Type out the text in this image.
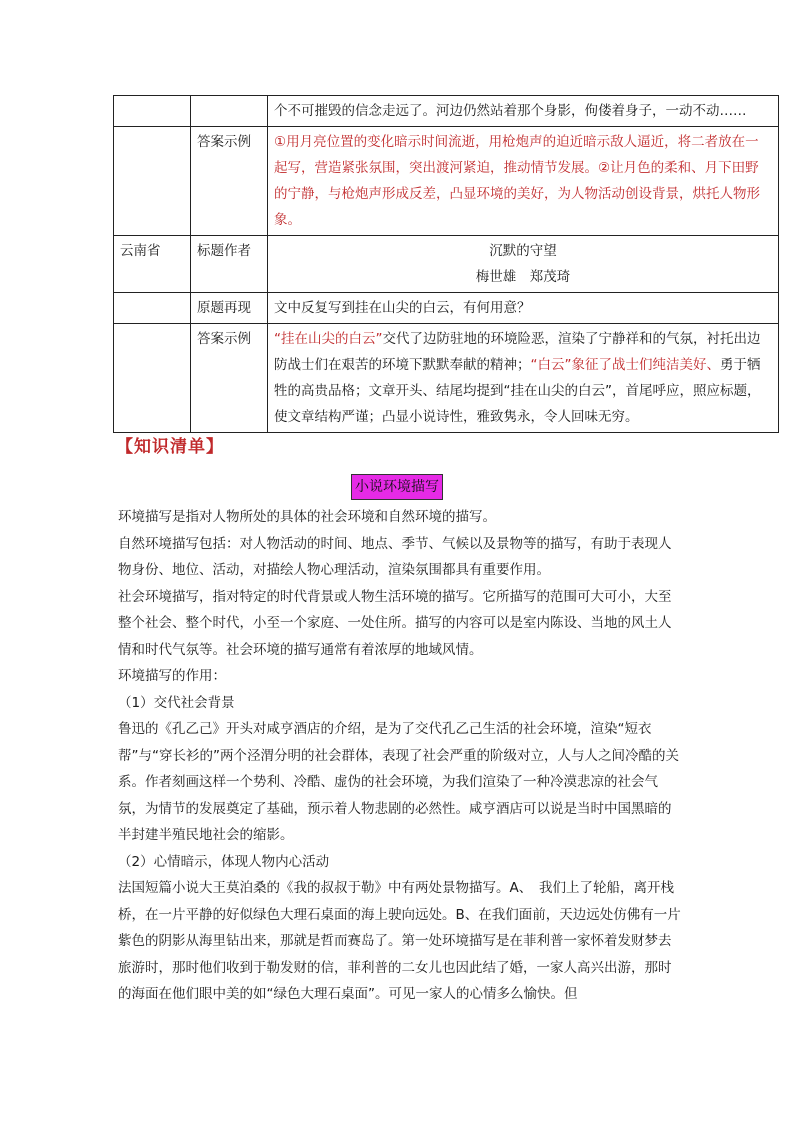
		个不可摧毁的信念走远了。河边仍然站着那个身影，佝偻着身子，一动不动……
	答案示例	①用月亮位置的变化暗示时间流逝，用枪炮声的迫近暗示敌人逼近，将二者放在一起写，营造紧张氛围，突出渡河紧迫，推动情节发展。②让月色的柔和、月下田野的宁静，与枪炮声形成反差，凸显环境的美好，为人物活动创设背景，烘托人物形象。
云南省	标题作者	沉默的守望
梅世雄　郑茂琦

	原题再现	文中反复写到挂在山尖的白云，有何用意？
	答案示例	“挂在山尖的白云”交代了边防驻地的环境险恶，渲染了宁静祥和的气氛，衬托出边防战士们在艰苦的环境下默默奉献的精神；“白云”象征了战士们纯洁美好、勇于牺牲的高贵品格；文章开头、结尾均提到“挂在山尖的白云”，首尾呼应，照应标题，使文章结构严谨；凸显小说诗性，雅致隽永，令人回味无穷。
【知识清单】
小说环境描写

环境描写是指对人物所处的具体的社会环境和自然环境的描写。

自然环境描写包括：对人物活动的时间、地点、季节、气候以及景物等的描写，有助于表现人物身份、地位、活动，对描绘人物心理活动，渲染氛围都具有重要作用。

社会环境描写，指对特定的时代背景或人物生活环境的描写。它所描写的范围可大可小，大至整个社会、整个时代，小至一个家庭、一处住所。描写的内容可以是室内陈设、当地的风土人情和时代气氛等。社会环境的描写通常有着浓厚的地域风情。

环境描写的作用：

（1）交代社会背景

鲁迅的《孔乙己》开头对咸亨酒店的介绍，是为了交代孔乙己生活的社会环境，渲染“短衣帮”与“穿长衫的”两个泾渭分明的社会群体，表现了社会严重的阶级对立，人与人之间冷酷的关系。作者刻画这样一个势利、冷酷、虚伪的社会环境，为我们渲染了一种冷漠悲凉的社会气氛，为情节的发展奠定了基础，预示着人物悲剧的必然性。咸亨酒店可以说是当时中国黑暗的半封建半殖民地社会的缩影。

（2）心情暗示，体现人物内心活动

法国短篇小说大王莫泊桑的《我的叔叔于勒》中有两处景物描写。A、　我们上了轮船，离开栈桥，在一片平静的好似绿色大理石桌面的海上驶向远处。B、在我们面前，天边远处仿佛有一片紫色的阴影从海里钻出来，那就是哲而赛岛了。第一处环境描写是在菲利普一家怀着发财梦去旅游时，那时他们收到于勒发财的信，菲利普的二女儿也因此结了婚，一家人高兴出游，那时的海面在他们眼中美的如“绿色大理石桌面”。可见一家人的心情多么愉快。但
